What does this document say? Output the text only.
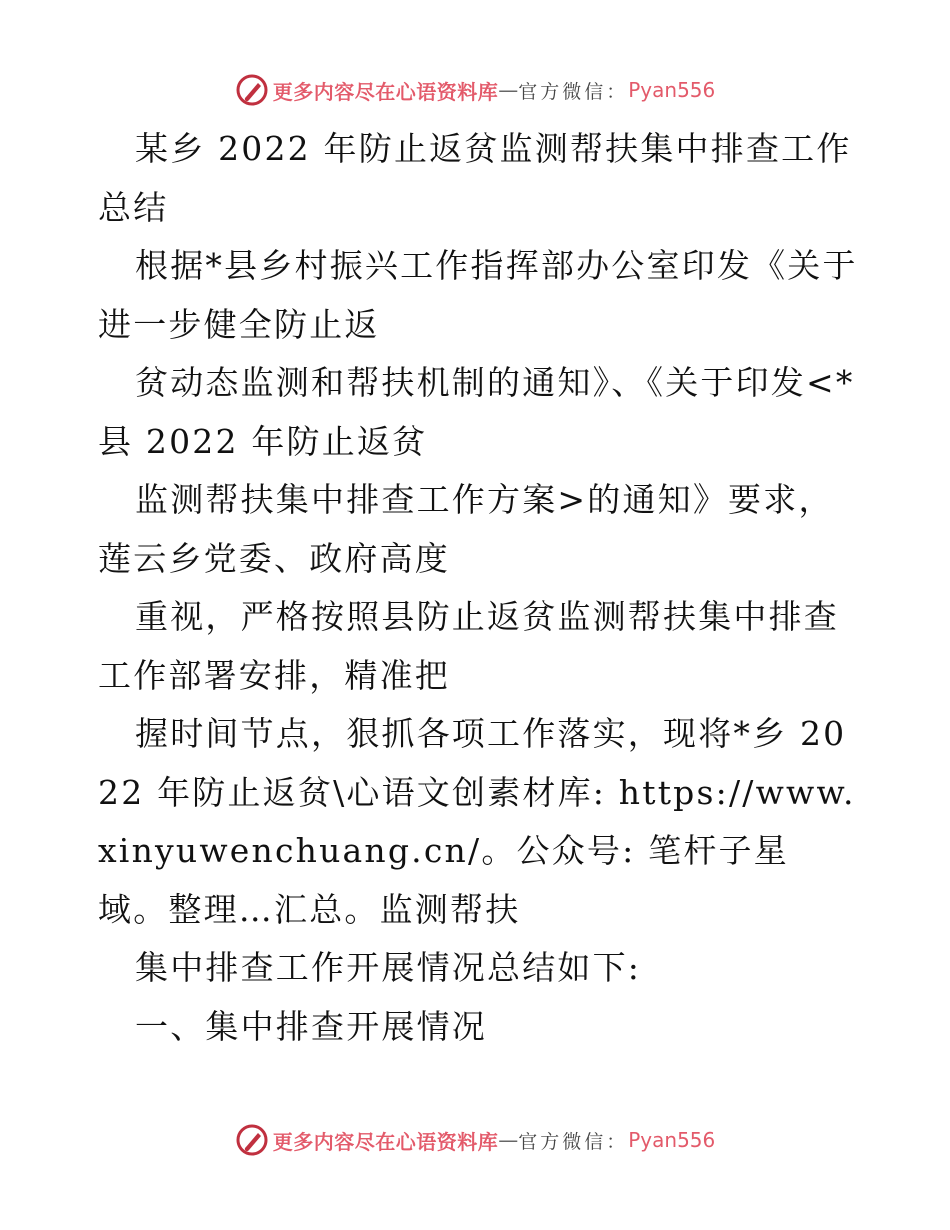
更多内容尽在心语资料库 — 官方微信： Pyan556

某乡 2022 年防止返贫监测帮扶集中排查工作总结

根据*县乡村振兴工作指挥部办公室印发《关于进一步健全防止返

贫动态监测和帮扶机制的通知》、《关于印发<*县 2022 年防止返贫

监测帮扶集中排查工作方案>的通知》要求，莲云乡党委、政府高度

重视，严格按照县防止返贫监测帮扶集中排查工作部署安排，精准把

握时间节点，狠抓各项工作落实，现将*乡 2022 年防止返贫\心语文创素材库: https://www.xinyuwenchuang.cn/。公众号: 笔杆子星域。整理…汇总。监测帮扶

集中排查工作开展情况总结如下:

一、集中排查开展情况

更多内容尽在心语资料库 — 官方微信： Pyan556
